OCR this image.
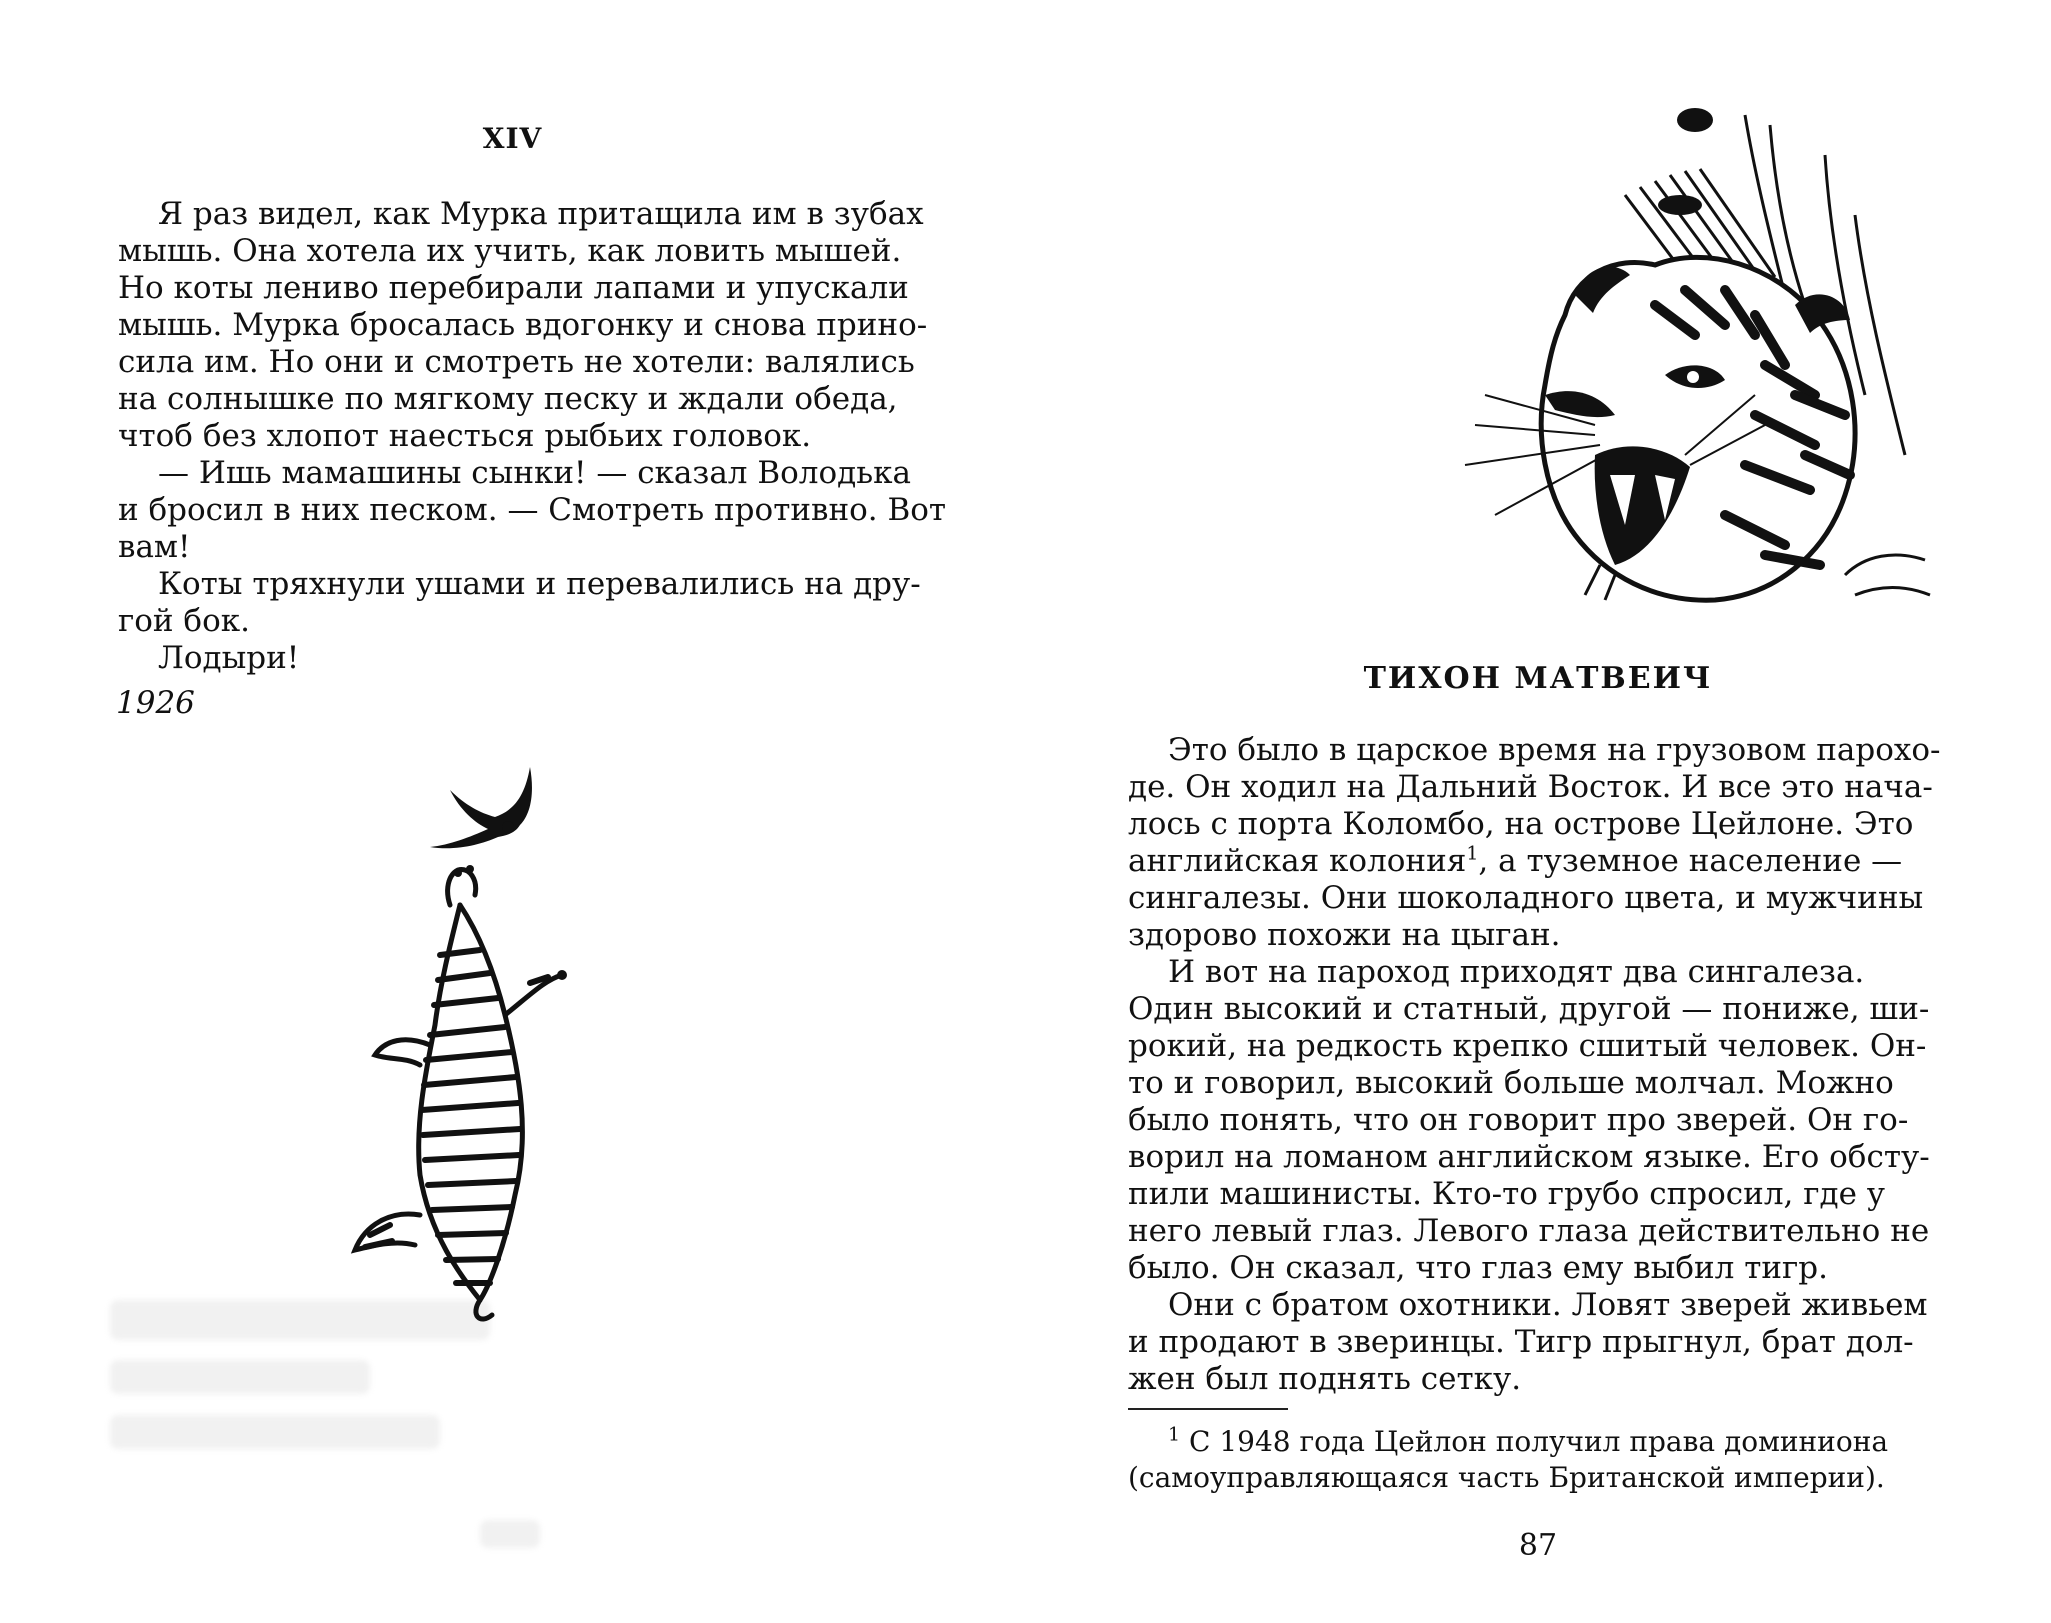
XIV
Я раз видел, как Мурка притащила им в зубах
мышь. Она хотела их учить, как ловить мышей.
Но коты лениво перебирали лапами и упускали
мышь. Мурка бросалась вдогонку и снова прино-
сила им. Но они и смотреть не хотели: валялись
на солнышке по мягкому песку и ждали обеда,
чтоб без хлопот наесться рыбьих головок.
— Ишь мамашины сынки! — сказал Володька
и бросил в них песком. — Смотреть противно. Вот
вам!
Коты тряхнули ушами и перевалились на дру-
гой бок.
Лодыри!
1926
ТИХОН МАТВЕИЧ
Это было в царское время на грузовом парохо-
де. Он ходил на Дальний Восток. И все это нача-
лось с порта Коломбо, на острове Цейлоне. Это
английская колония$^1$, а туземное население —
сингалезы. Они шоколадного цвета, и мужчины
здорово похожи на цыган.
И вот на пароход приходят два сингалеза.
Один высокий и статный, другой — пониже, ши-
рокий, на редкость крепко сшитый человек. Он-
то и говорил, высокий больше молчал. Можно
было понять, что он говорит про зверей. Он го-
ворил на ломаном английском языке. Его обсту-
пили машинисты. Кто-то грубо спросил, где у
него левый глаз. Левого глаза действительно не
было. Он сказал, что глаз ему выбил тигр.
Они с братом охотники. Ловят зверей живьем
и продают в зверинцы. Тигр прыгнул, брат дол-
жен был поднять сетку.
$^1$ С 1948 года Цейлон получил права доминиона
(самоуправляющаяся часть Британской империи).
87
